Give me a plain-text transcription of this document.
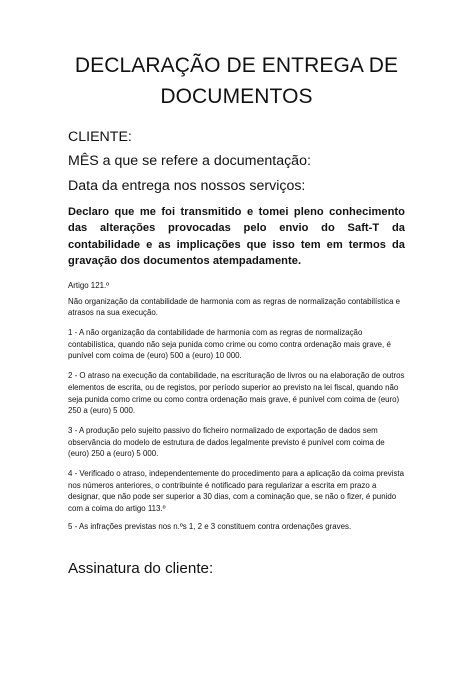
DECLARAÇÃO DE ENTREGA DE DOCUMENTOS

CLIENTE:

MÊS a que se refere a documentação:

Data da entrega nos nossos serviços:

Declaro que me foi transmitido e tomei pleno conhecimento das alterações provocadas pelo envio do Saft-T da contabilidade e as implicações que isso tem em termos da gravação dos documentos atempadamente.

Artigo 121.º

Não organização da contabilidade de harmonia com as regras de normalização contabilística e atrasos na sua execução.

1 - A não organização da contabilidade de harmonia com as regras de normalização contabilística, quando não seja punida como crime ou como contra ordenação mais grave, é punível com coima de (euro) 500 a (euro) 10 000.

2 - O atraso na execução da contabilidade, na escrituração de livros ou na elaboração de outros elementos de escrita, ou de registos, por período superior ao previsto na lei fiscal, quando não seja punida como crime ou como contra ordenação mais grave, é punível com coima de (euro) 250 a (euro) 5 000.

3 - A produção pelo sujeito passivo do ficheiro normalizado de exportação de dados sem observância do modelo de estrutura de dados legalmente previsto é punível com coima de (euro) 250 a (euro) 5 000.

4 - Verificado o atraso, independentemente do procedimento para a aplicação da coima prevista nos números anteriores, o contribuinte é notificado para regularizar a escrita em prazo a designar, que não pode ser superior a 30 dias, com a cominação que, se não o fizer, é punido com a coima do artigo 113.º

5 - As infrações previstas nos n.ºs 1, 2 e 3 constituem contra ordenações graves.

Assinatura do cliente:
